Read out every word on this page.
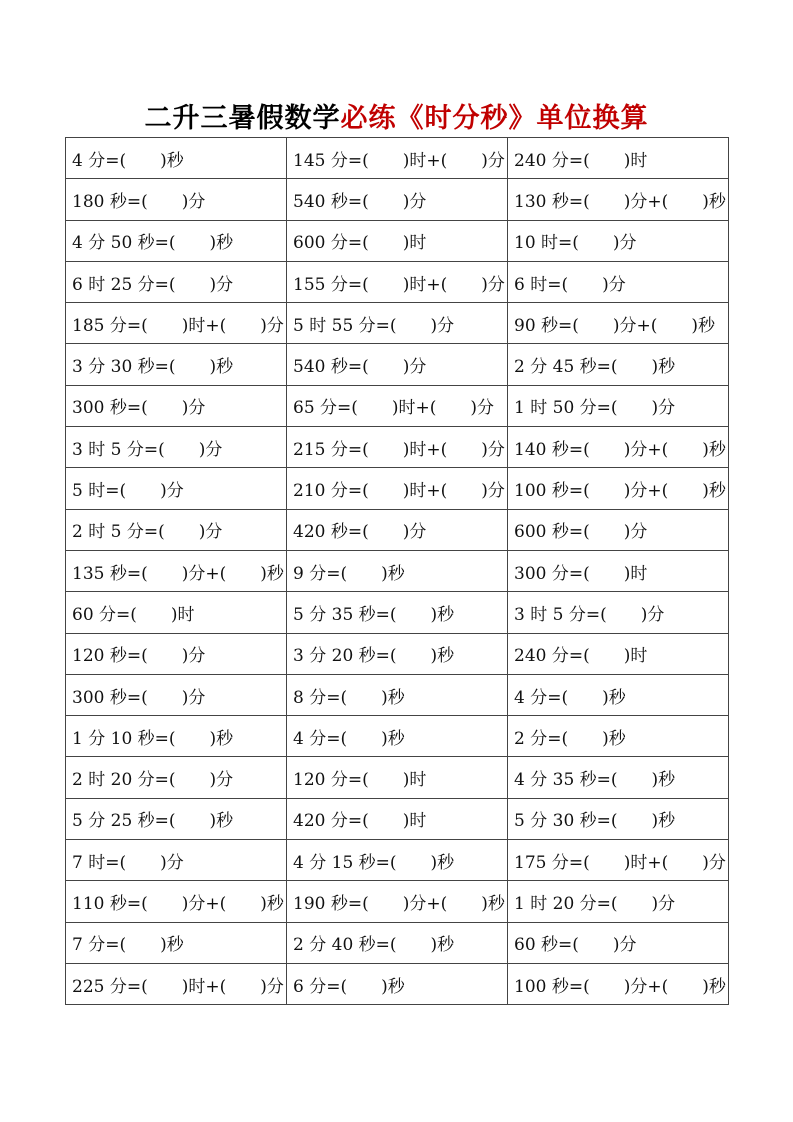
二升三暑假数学必练《时分秒》单位换算
4 分=(　　)秒	145 分=(　　)时+(　　)分	240 分=(　　)时
180 秒=(　　)分	540 秒=(　　)分	130 秒=(　　)分+(　　)秒
4 分 50 秒=(　　)秒	600 分=(　　)时	10 时=(　　)分
6 时 25 分=(　　)分	155 分=(　　)时+(　　)分	6 时=(　　)分
185 分=(　　)时+(　　)分	5 时 55 分=(　　)分	90 秒=(　　)分+(　　)秒
3 分 30 秒=(　　)秒	540 秒=(　　)分	2 分 45 秒=(　　)秒
300 秒=(　　)分	65 分=(　　)时+(　　)分	1 时 50 分=(　　)分
3 时 5 分=(　　)分	215 分=(　　)时+(　　)分	140 秒=(　　)分+(　　)秒
5 时=(　　)分	210 分=(　　)时+(　　)分	100 秒=(　　)分+(　　)秒
2 时 5 分=(　　)分	420 秒=(　　)分	600 秒=(　　)分
135 秒=(　　)分+(　　)秒	9 分=(　　)秒	300 分=(　　)时
60 分=(　　)时	5 分 35 秒=(　　)秒	3 时 5 分=(　　)分
120 秒=(　　)分	3 分 20 秒=(　　)秒	240 分=(　　)时
300 秒=(　　)分	8 分=(　　)秒	4 分=(　　)秒
1 分 10 秒=(　　)秒	4 分=(　　)秒	2 分=(　　)秒
2 时 20 分=(　　)分	120 分=(　　)时	4 分 35 秒=(　　)秒
5 分 25 秒=(　　)秒	420 分=(　　)时	5 分 30 秒=(　　)秒
7 时=(　　)分	4 分 15 秒=(　　)秒	175 分=(　　)时+(　　)分
110 秒=(　　)分+(　　)秒	190 秒=(　　)分+(　　)秒	1 时 20 分=(　　)分
7 分=(　　)秒	2 分 40 秒=(　　)秒	60 秒=(　　)分
225 分=(　　)时+(　　)分	6 分=(　　)秒	100 秒=(　　)分+(　　)秒
